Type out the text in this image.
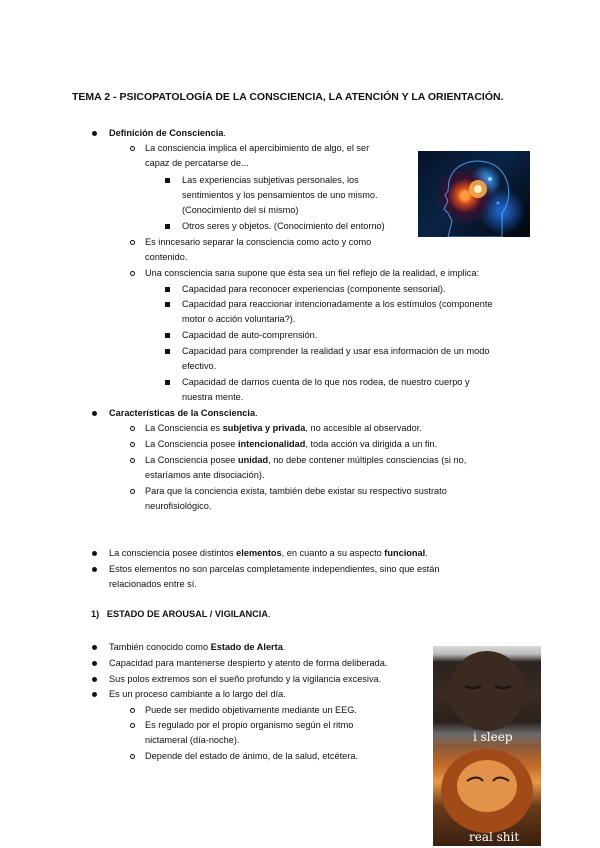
TEMA 2 - PSICOPATOLOGÍA DE LA CONSCIENCIA, LA ATENCIÓN Y LA ORIENTACIÓN.
Definición de Consciencia.
La consciencia implica el apercibimiento de algo, el ser
capaz de percatarse de...
Las experiencias subjetivas personales, los
sentimientos y los pensamientos de uno mismo.
(Conocimiento del sí mismo)
Otros seres y objetos. (Conocimiento del entorno)
Es inncesario separar la consciencia como acto y como
contenido.
Una consciencia sana supone que ésta sea un fiel reflejo de la realidad, e implica:
Capacidad para reconocer experiencias (componente sensorial).
Capacidad para reaccionar intencionadamente a los estímulos (componente
motor o acción voluntaria?).
Capacidad de auto-comprensión.
Capacidad para comprender la realidad y usar esa información de un modo
efectivo.
Capacidad de darnos cuenta de lo que nos rodea, de nuestro cuerpo y
nuestra mente.
Características de la Consciencia.
La Consciencia es subjetiva y privada, no accesible al observador.
La Consciencia posee intencionalidad, toda acción va dirigida a un fin.
La Consciencia posee unidad, no debe contener múltiples consciencias (si no,
estaríamos ante disociación).
Para que la conciencia exista, también debe existar su respectivo sustrato
neurofisiológico.
La consciencia posee distintos elementos, en cuanto a su aspecto funcional.
Estos elementos no son parcelas completamente independientes, sino que están
relacionados entre sí.
1) ESTADO DE AROUSAL / VIGILANCIA.
También conocido como Estado de Alerta.
Capacidad para mantenerse despierto y atento de forma deliberada.
Sus polos extremos son el sueño profundo y la vigilancia excesiva.
Es un proceso cambiante a lo largo del día.
Puede ser medido objetivamente mediante un EEG.
Es regulado por el propio organismo según el ritmo
nictameral (día-noche).
Depende del estado de ánimo, de la salud, etcétera.
i sleep
real shit
